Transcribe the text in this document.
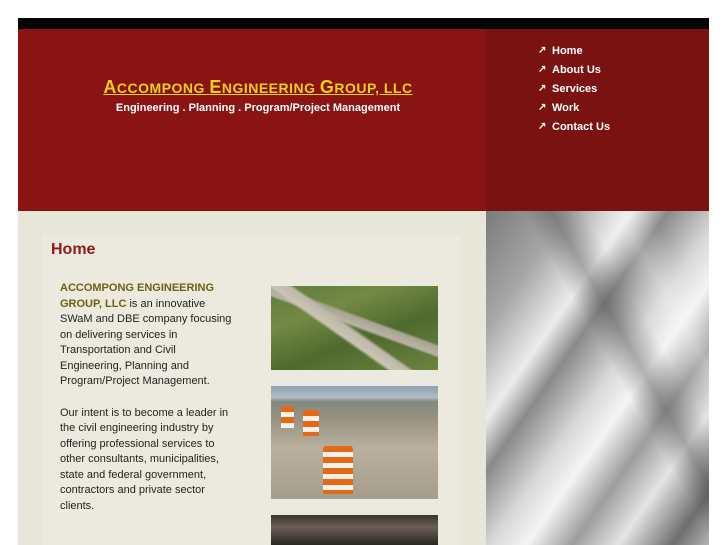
ACCOMPONG ENGINEERING GROUP, LLC
Engineering . Planning . Program/Project Management
↗ Home
↗ About Us
↗ Services
↗ Work
↗ Contact Us
Home

ACCOMPONG ENGINEERING GROUP, LLC is an innovative SWaM and DBE company focusing on delivering services in Transportation and Civil Engineering, Planning and Program/Project Management.

Our intent is to become a leader in the civil engineering industry by offering professional services to other consultants, municipalities, state and federal government, contractors and private sector clients.
